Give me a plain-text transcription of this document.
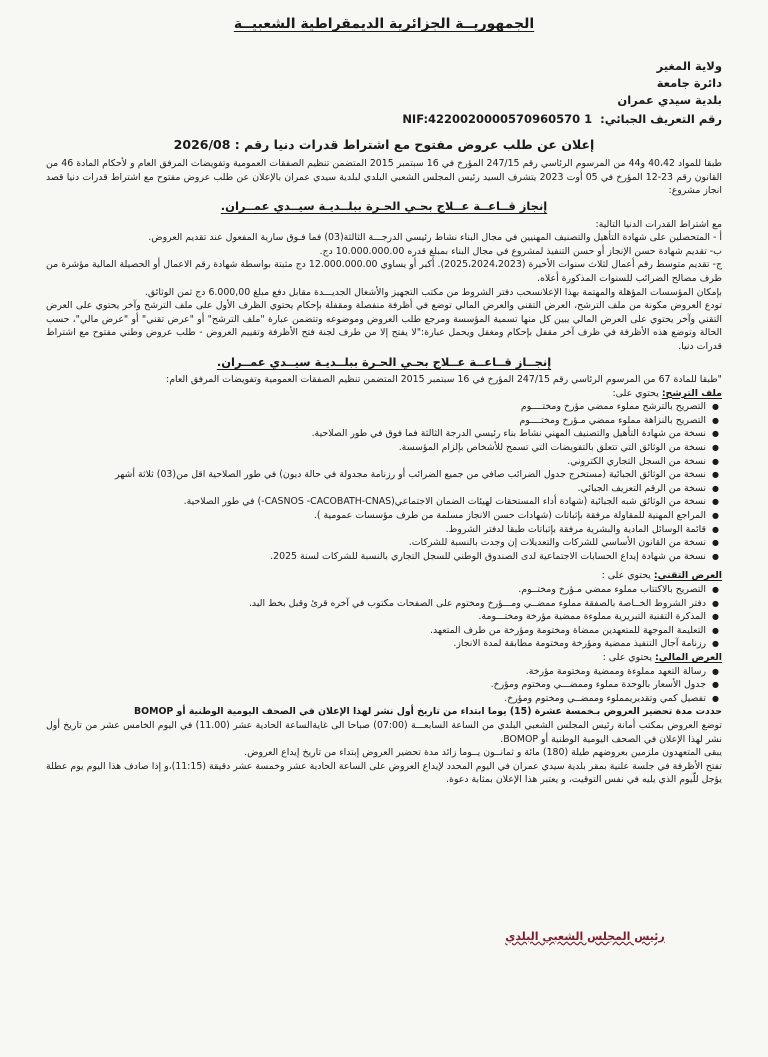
الجمهوريــة الجزائرية الديمقراطية الشعبيــة
ولاية المغير
دائرة جامعة
بلدية سيدي عمران
رقم التعريف الجبائي:
NIF:4220020000570960570 1
إعلان عن طلب عروض مفتوح مع اشتراط قدرات دنيا رقم : 2026/08

طبقا للمواد 40،42 و44 من المرسوم الرئاسي رقم 247/15 المؤرخ في 16 سبتمبر 2015 المتضمن تنظيم الصفقات العمومية وتفويضات المرفق العام و لأحكام المادة 46 من القانون رقم 23-12 المؤرخ في 05 أوت 2023 يتشرف السيد رئيس المجلس الشعبي البلدي لبلدية سيدي عمران بالإعلان عن طلب عروض مفتوح مع اشتراط قدرات دنيا قصد انجاز مشروع:

إنجاز قــاعــة عــلاج بحـي الحـرة ببلــديـة سيــدي عمــران.

مع اشتراط القدرات الدنيا التالية:

أ - المتحصلين على شهادة التأهيل والتصنيف المهنيين في مجال البناء نشاط رئيسي الدرجـــة الثالثة(03) فما فـوق سارية المفعول عند تقديم العروض.

ب- تقديم شهادة حسن الإنجاز أو حسن التنفيذ لمشروع في مجال البناء بمبلغ قدره 10.000.000.00 دج.

ج- تقديم متوسط رقم أعمال لثلاث سنوات الأخيرة (2025،2024،2023). أكبر أو يساوي 12.000.000.00 دج مثبتة بواسطة شهادة رقم الاعمال أو الحصيلة المالية مؤشرة من طرف مصالح الضرائب للسنوات المذكورة أعلاه.

بإمكان المؤسسات المؤهلة والمهتمة بهذا الإعلانسحب دفتر الشروط من مكتب التجهيز والأشغال الجديـــدة مقابل دفع مبلغ 6.000,00 دج ثمن الوثائق.

تودع العروض مكونة من ملف الترشح، العرض التقني والعرض المالي توضع في أظرفة منفصلة ومقفلة بإحكام يحتوي الظرف الأول على ملف الترشح وآخر يحتوي على العرض التقني وآخر يحتوي على العرض المالي يبين كل منها تسمية المؤسسة ومرجع طلب العروض وموضوعه وتتضمن عبارة "ملف الترشح" أو "عرض تقني" أو "عرض مالي"، حسب الحالة وتوضع هذه الأظرفة في ظرف آخر مقفل بإحكام ومغفل ويحمل عبارة:"لا يفتح إلا من طرف لجنة فتح الأظرفة وتقييم العروض - طلب عروض وطني مفتوح مع اشتراط قدرات دنيا.

إنجــاز قــاعــة عــلاج بحـي الحـرة ببلــديـة سيــدي عمــران.

"طبقا للمادة 67 من المرسوم الرئاسي رقم 247/15 المؤرخ في 16 سبتمبر 2015 المتضمن تنظيم الصفقات العمومية وتفويضات المرفق العام:

ملف الترشح: يحتوي على:

● التصريح بالترشح مملوء ممضي مؤرخ ومختــــوم
● التصريح بالنزاهة مملوء ممضي مـؤرخ ومختــــوم
● نسخة من شهادة التأهيل والتصنيف المهني نشاط بناء رئيسي الدرجة الثالثة فما فوق في طور الصلاحية.
● نسخة من الوثائق التي تتعلق بالتفويضات التي تسمح للأشخاص بإلزام المؤسسة.
● نسخة من السجل التجاري الكتروني.
● نسخة من الوثائق الجبائية (مستخرج جدول الضرائب صافي من جميع الضرائب أو رزنامة مجدولة في حالة ديون) في طور الصلاحية اقل من(03) ثلاثة أشهر
● نسخة من الرقم التعريف الجبائي.
● نسخة من الوثائق شبه الجبائية (شهادة أداء المستحقات لهيئات الضمان الاجتماعي(CASNOS -CACOBATH-CNAS-) في طور الصلاحية.
● المراجع المهنية للمقاولة مرفقة بإثباتات (شهادات حسن الانجاز مسلمة من طرف مؤسسات عمومية ).
● قائمة الوسائل المادية والبشرية مرفقة بإثباتات طبقا لدفتر الشروط.
● نسخة من القانون الأساسي للشركات والتعديلات إن وجدت بالنسبة للشركات.
● نسخة من شهادة إيداع الحسابات الاجتماعية لدى الصندوق الوطني للسجل التجاري بالنسبة للشركات لسنة 2025.

العرض التقني: يحتوي على :

● التصريح بالاكتتاب مملوء ممضي مـؤرخ ومختــوم.
● دفتر الشروط الخــاصة بالصفقة مملوء ممضــي ومـــؤرخ ومختوم على الصفحات مكتوب في آخره قرئ وقبل بخط اليد.
● المذكرة التقنية التبريرية مملوءة ممضية مؤرخة ومختـــومة.
● التعليمة الموجهة للمتعهدين ممضاة ومختومة ومؤرخة من طرف المتعهد.
● رزنامة آجال التنفيذ ممضية ومؤرخة ومختومة مطابقة لمدة الانجاز.

العرض المالي: يحتوي على :

● رسالة التعهد مملوءة وممضية ومختومة مؤرخة.
● جدول الأسعار بالوحدة مملوء وممضـــي ومختوم ومؤرخ.
● تفصيل كمي وتقديريمملوء وممضــي ومختوم ومؤرخ.

حددت مدة تحضير العروض بـخمسة عشرة (15) يوما ابتداء من تاريخ أول نشر لهذا الإعلان في الصحف اليومية الوطنية أو BOMOP

توضع العروض بمكتب أمانة رئيس المجلس الشعبي البلدي من الساعة السابعـــة (07:00) صباحا الى غايةالساعة الحادية عشر (11.00) في اليوم الخامس عشر من تاريخ أول نشر لهذا الإعلان في الصحف اليومية الوطنية أو BOMOP.

يبقى المتعهدون ملزمين بعروضهم طيلة (180) مائة و ثمانــون يــوما زائد مدة تحضير العروض إبتداء من تاريخ إيداع العروض.

تفتح الأظرفة في جلسة علنية بمقر بلدية سيدي عمران في اليوم المحدد لإيداع العروض على الساعة الحادية عشر وخمسة عشر دقيقة (11:15)،و إذا صادف هذا اليوم يوم عطلة يؤجل للّيوم الذي يليه في نفس التوقيت، و يعتبر هذا الإعلان بمثابة دعوة.

رئيس المجلس الشعبي البلدي
